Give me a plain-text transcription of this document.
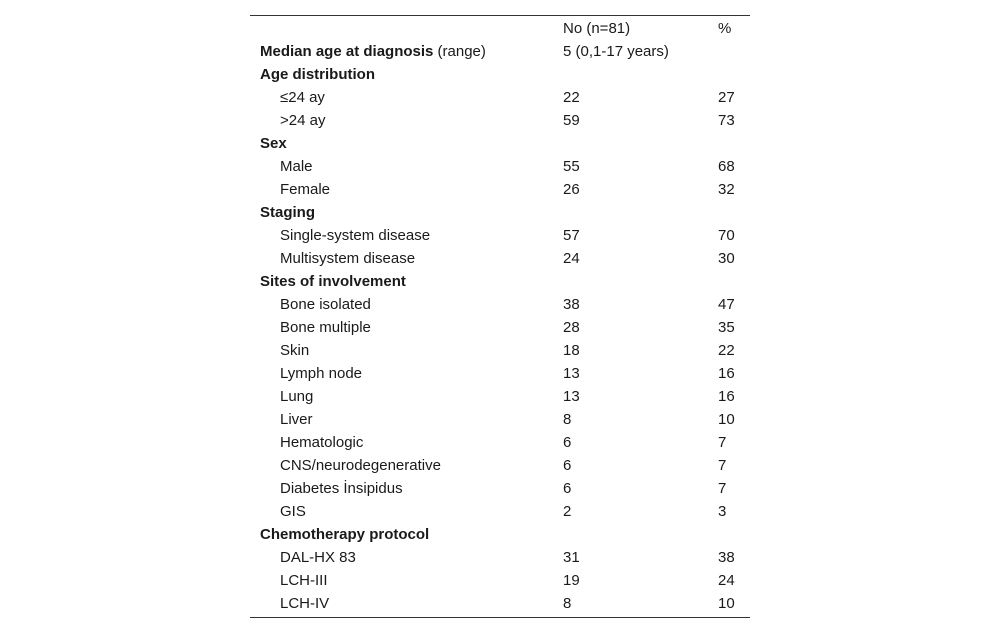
	No (n=81)	%
Median age at diagnosis (range)	5 (0,1-17 years)	
Age distribution		
≤24 ay	22	27
>24 ay	59	73
Sex		
Male	55	68
Female	26	32
Staging		
Single-system disease	57	70
Multisystem disease	24	30
Sites of involvement		
Bone isolated	38	47
Bone multiple	28	35
Skin	18	22
Lymph node	13	16
Lung	13	16
Liver	8	10
Hematologic	6	7
CNS/neurodegenerative	6	7
Diabetes İnsipidus	6	7
GIS	2	3
Chemotherapy protocol		
DAL-HX 83	31	38
LCH-III	19	24
LCH-IV	8	10
